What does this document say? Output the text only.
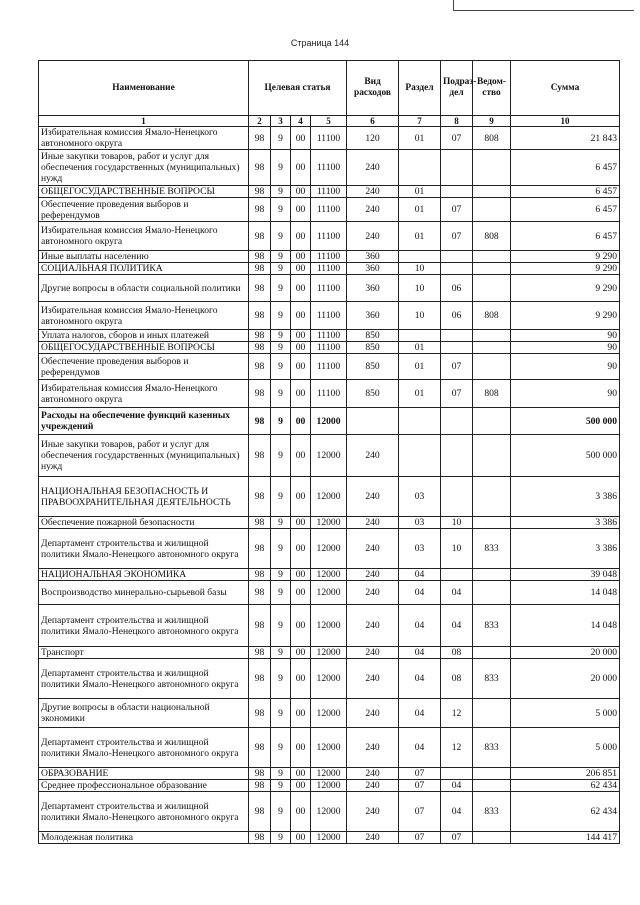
Страница 144
Наименование	Целевая статья				Вид расходов	Раздел	Подраз-дел	Ведом-ство	Сумма
1	2	3	4	5	6	7	8	9	10
Избирательная комиссия Ямало-Ненецкого автономного округа	98	9	00	11100	120	01	07	808	21 843
Иные закупки товаров, работ и услуг для обеспечения государственных (муниципальных) нужд	98	9	00	11100	240				6 457
ОБЩЕГОСУДАРСТВЕННЫЕ ВОПРОСЫ	98	9	00	11100	240	01			6 457
Обеспечение проведения выборов и референдумов	98	9	00	11100	240	01	07		6 457
Избирательная комиссия Ямало-Ненецкого автономного округа	98	9	00	11100	240	01	07	808	6 457
Иные выплаты населению	98	9	00	11100	360				9 290
СОЦИАЛЬНАЯ ПОЛИТИКА	98	9	00	11100	360	10			9 290
Другие вопросы в области социальной политики	98	9	00	11100	360	10	06		9 290
Избирательная комиссия Ямало-Ненецкого автономного округа	98	9	00	11100	360	10	06	808	9 290
Уплата налогов, сборов и иных платежей	98	9	00	11100	850				90
ОБЩЕГОСУДАРСТВЕННЫЕ ВОПРОСЫ	98	9	00	11100	850	01			90
Обеспечение проведения выборов и референдумов	98	9	00	11100	850	01	07		90
Избирательная комиссия Ямало-Ненецкого автономного округа	98	9	00	11100	850	01	07	808	90
Расходы на обеспечение функций казенных учреждений	98	9	00	12000					500 000
Иные закупки товаров, работ и услуг для обеспечения государственных (муниципальных) нужд	98	9	00	12000	240				500 000
НАЦИОНАЛЬНАЯ БЕЗОПАСНОСТЬ И ПРАВООХРАНИТЕЛЬНАЯ ДЕЯТЕЛЬНОСТЬ	98	9	00	12000	240	03			3 386
Обеспечение пожарной безопасности	98	9	00	12000	240	03	10		3 386
Департамент строительства и жилищной политики Ямало-Ненецкого автономного округа	98	9	00	12000	240	03	10	833	3 386
НАЦИОНАЛЬНАЯ ЭКОНОМИКА	98	9	00	12000	240	04			39 048
Воспроизводство минерально-сырьевой базы	98	9	00	12000	240	04	04		14 048
Департамент строительства и жилищной политики Ямало-Ненецкого автономного округа	98	9	00	12000	240	04	04	833	14 048
Транспорт	98	9	00	12000	240	04	08		20 000
Департамент строительства и жилищной политики Ямало-Ненецкого автономного округа	98	9	00	12000	240	04	08	833	20 000
Другие вопросы в области национальной экономики	98	9	00	12000	240	04	12		5 000
Департамент строительства и жилищной политики Ямало-Ненецкого автономного округа	98	9	00	12000	240	04	12	833	5 000
ОБРАЗОВАНИЕ	98	9	00	12000	240	07			206 851
Среднее профессиональное образование	98	9	00	12000	240	07	04		62 434
Департамент строительства и жилищной политики Ямало-Ненецкого автономного округа	98	9	00	12000	240	07	04	833	62 434
Молодежная политика	98	9	00	12000	240	07	07		144 417
